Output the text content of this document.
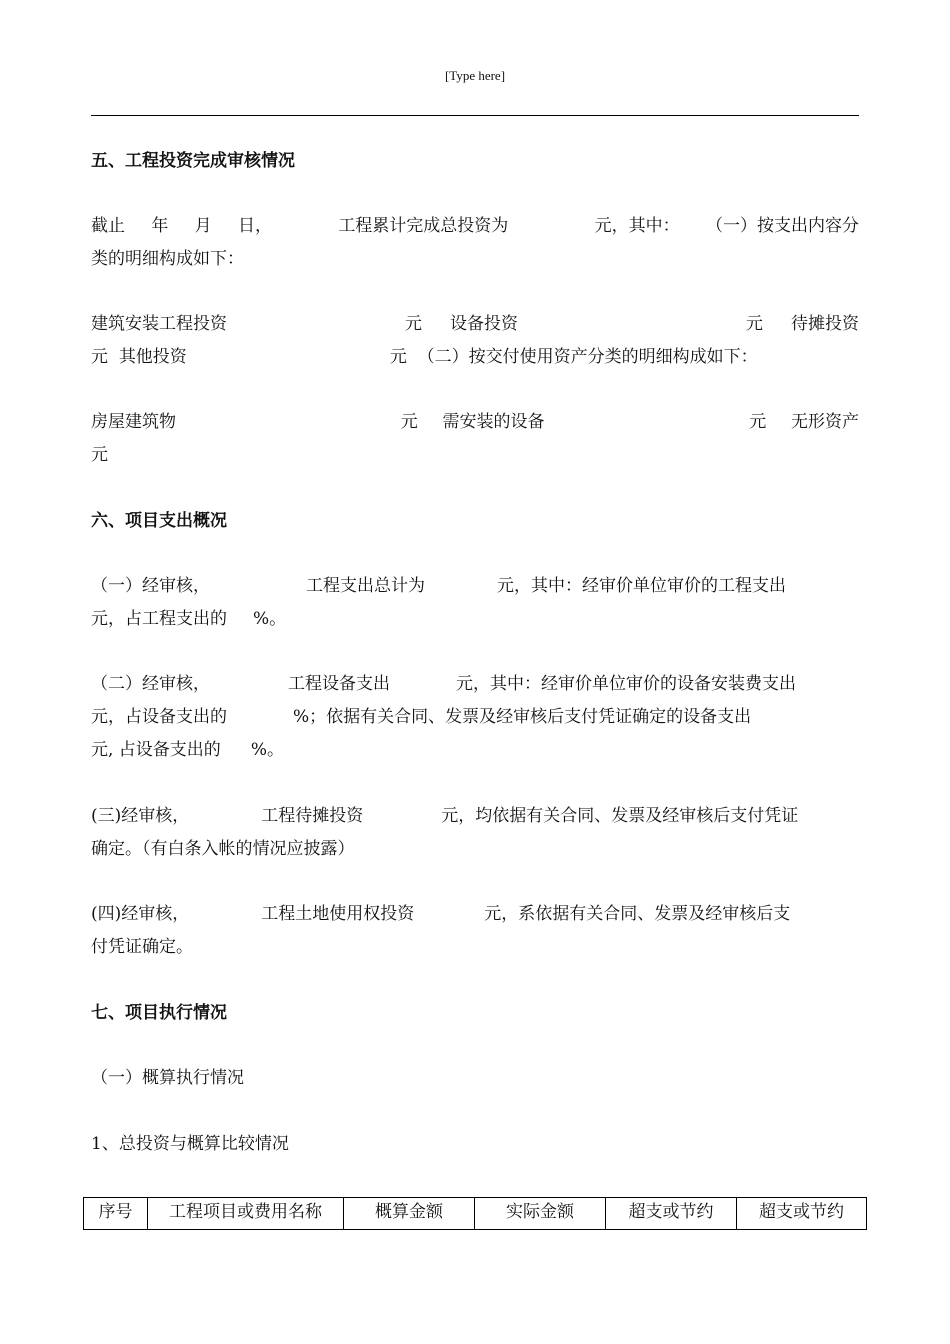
[Type here]
五、工程投资完成审核情况
截止 年 月 日，	工程累计完成总投资为	元，其中： （一）按支出内容分
类的明细构成如下：
建筑安装工程投资	元 设备投资	元 待摊投资
元 其他投资	元 （二）按交付使用资产分类的明细构成如下：
房屋建筑物	元 需安装的设备	元 无形资产
元
六、项目支出概况
（一）经审核，	工程支出总计为	元，其中：经审价单位审价的工程支出
元，占工程支出的 %。
（二）经审核，	工程设备支出	元，其中：经审价单位审价的设备安装费支出
元，占设备支出的	%；依据有关合同、发票及经审核后支付凭证确定的设备支出
元, 占设备支出的 %。
(三)经审核，	工程待摊投资	元，均依据有关合同、发票及经审核后支付凭证
确定。（有白条入帐的情况应披露）
(四)经审核，	工程土地使用权投资	元，系依据有关合同、发票及经审核后支
付凭证确定。
七、项目执行情况
（一）概算执行情况
1、总投资与概算比较情况
序号	工程项目或费用名称	概算金额	实际金额	超支或节约	超支或节约
